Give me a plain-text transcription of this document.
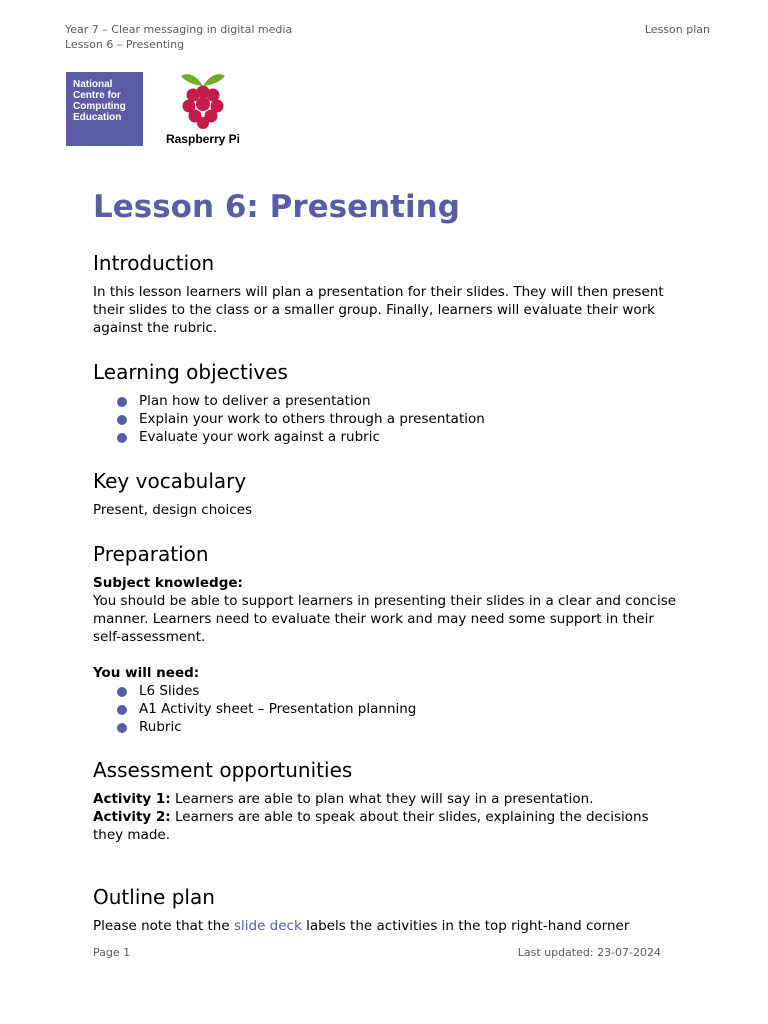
Year 7 – Clear messaging in digital media
Lesson 6 – Presenting
Lesson plan
National
Centre for
Computing
Education
Raspberry Pi
Lesson 6: Presenting
Introduction

In this lesson learners will plan a presentation for their slides. They will then present their slides to the class or a smaller group. Finally, learners will evaluate their work against the rubric.

Learning objectives
Plan how to deliver a presentation
Explain your work to others through a presentation
Evaluate your work against a rubric
Key vocabulary

Present, design choices

Preparation

Subject knowledge:

You should be able to support learners in presenting their slides in a clear and concise manner. Learners need to evaluate their work and may need some support in their self-assessment.

You will need:

L6 Slides
A1 Activity sheet – Presentation planning
Rubric
Assessment opportunities

Activity 1: Learners are able to plan what they will say in a presentation.

Activity 2: Learners are able to speak about their slides, explaining the decisions they made.

Outline plan

Please note that the slide deck labels the activities in the top right-hand corner

Page 1	Last updated: 23-07-2024
